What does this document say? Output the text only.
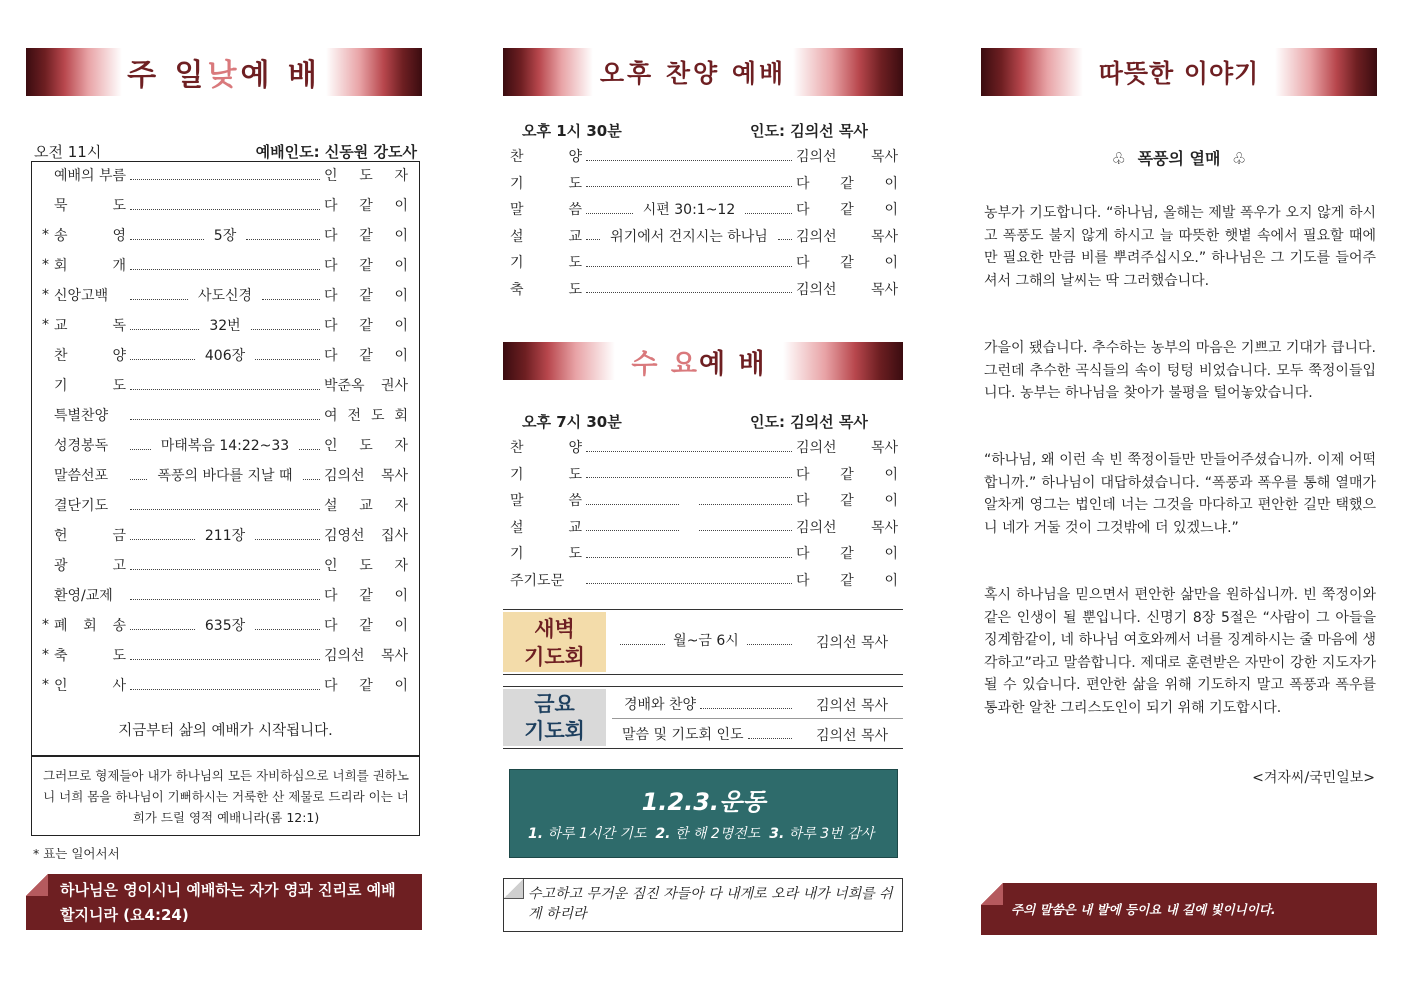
주 일 낮 예 배
오전 11시	예배인도: 신동원 강도사
예배의 부름	인 도 자
묵 도	다 같 이
* 송 영	5장	다 같 이
* 회 개	다 같 이
* 신앙고백	사도신경	다 같 이
* 교 독	32번	다 같 이
찬 양	406장	다 같 이
기 도	박준옥 권사
특별찬양	여 전 도 회
성경봉독	마태복음 14:22~33	인 도 자
말씀선포	폭풍의 바다를 지날 때	김의선 목사
결단기도	설 교 자
헌 금	211장	김영선 집사
광 고	인 도 자
환영/교제	다 같 이
* 폐 회 송	635장	다 같 이
* 축 도	김의선 목사
* 인 사	다 같 이
지금부터 삶의 예배가 시작됩니다.
그러므로 형제들아 내가 하나님의 모든 자비하심으로 너희를 권하노니 너희 몸을 하나님이 기뻐하시는 거룩한 산 제물로 드리라 이는 너희가 드릴 영적 예배니라(롬 12:1)
* 표는 일어서서
하나님은 영이시니 예배하는 자가 영과 진리로 예배할지니라 (요4:24)
오후 찬양 예배
오후 1시 30분	인도: 김의선 목사
찬 양	김의선 목사
기 도	다 같 이
말 씀	시편 30:1~12	다 같 이
설 교	위기에서 건지시는 하나님	김의선 목사
기 도	다 같 이
축 도	김의선 목사
수 요 예 배
오후 7시 30분	인도: 김의선 목사
찬 양	김의선 목사
기 도	다 같 이
말 씀	다 같 이
설 교	김의선 목사
기 도	다 같 이
주기도문	다 같 이
새벽
기도회
월~금 6시	김의선 목사
금요
기도회
경배와 찬양	김의선 목사
말씀 및 기도회 인도	김의선 목사
1.2.3.운동
1. 하루 1시간 기도 2. 한 해 2명전도 3. 하루 3번 감사
수고하고 무거운 짐진 자들아 다 내게로 오라 내가 너희를 쉬게 하리라
따뜻한 이야기
♧ 폭풍의 열매 ♧
농부가 기도합니다. “하나님, 올해는 제발 폭우가 오지 않게 하시고 폭풍도 불지 않게 하시고 늘 따뜻한 햇볕 속에서 필요할 때에만 필요한 만큼 비를 뿌려주십시오.” 하나님은 그 기도를 들어주셔서 그해의 날씨는 딱 그러했습니다.
가을이 됐습니다. 추수하는 농부의 마음은 기쁘고 기대가 큽니다. 그런데 추수한 곡식들의 속이 텅텅 비었습니다. 모두 쭉정이들입니다. 농부는 하나님을 찾아가 불평을 털어놓았습니다.
“하나님, 왜 이런 속 빈 쭉정이들만 만들어주셨습니까. 이제 어떡합니까.” 하나님이 대답하셨습니다. “폭풍과 폭우를 통해 열매가 알차게 영그는 법인데 너는 그것을 마다하고 편안한 길만 택했으니 네가 거둘 것이 그것밖에 더 있겠느냐.”
혹시 하나님을 믿으면서 편안한 삶만을 원하십니까. 빈 쭉정이와 같은 인생이 될 뿐입니다. 신명기 8장 5절은 “사람이 그 아들을 징계함같이, 네 하나님 여호와께서 너를 징계하시는 줄 마음에 생각하고”라고 말씀합니다. 제대로 훈련받은 자만이 강한 지도자가 될 수 있습니다. 편안한 삶을 위해 기도하지 말고 폭풍과 폭우를 통과한 알찬 그리스도인이 되기 위해 기도합시다.
<겨자씨/국민일보>
주의 말씀은 내 발에 등이요 내 길에 빛이니이다.
